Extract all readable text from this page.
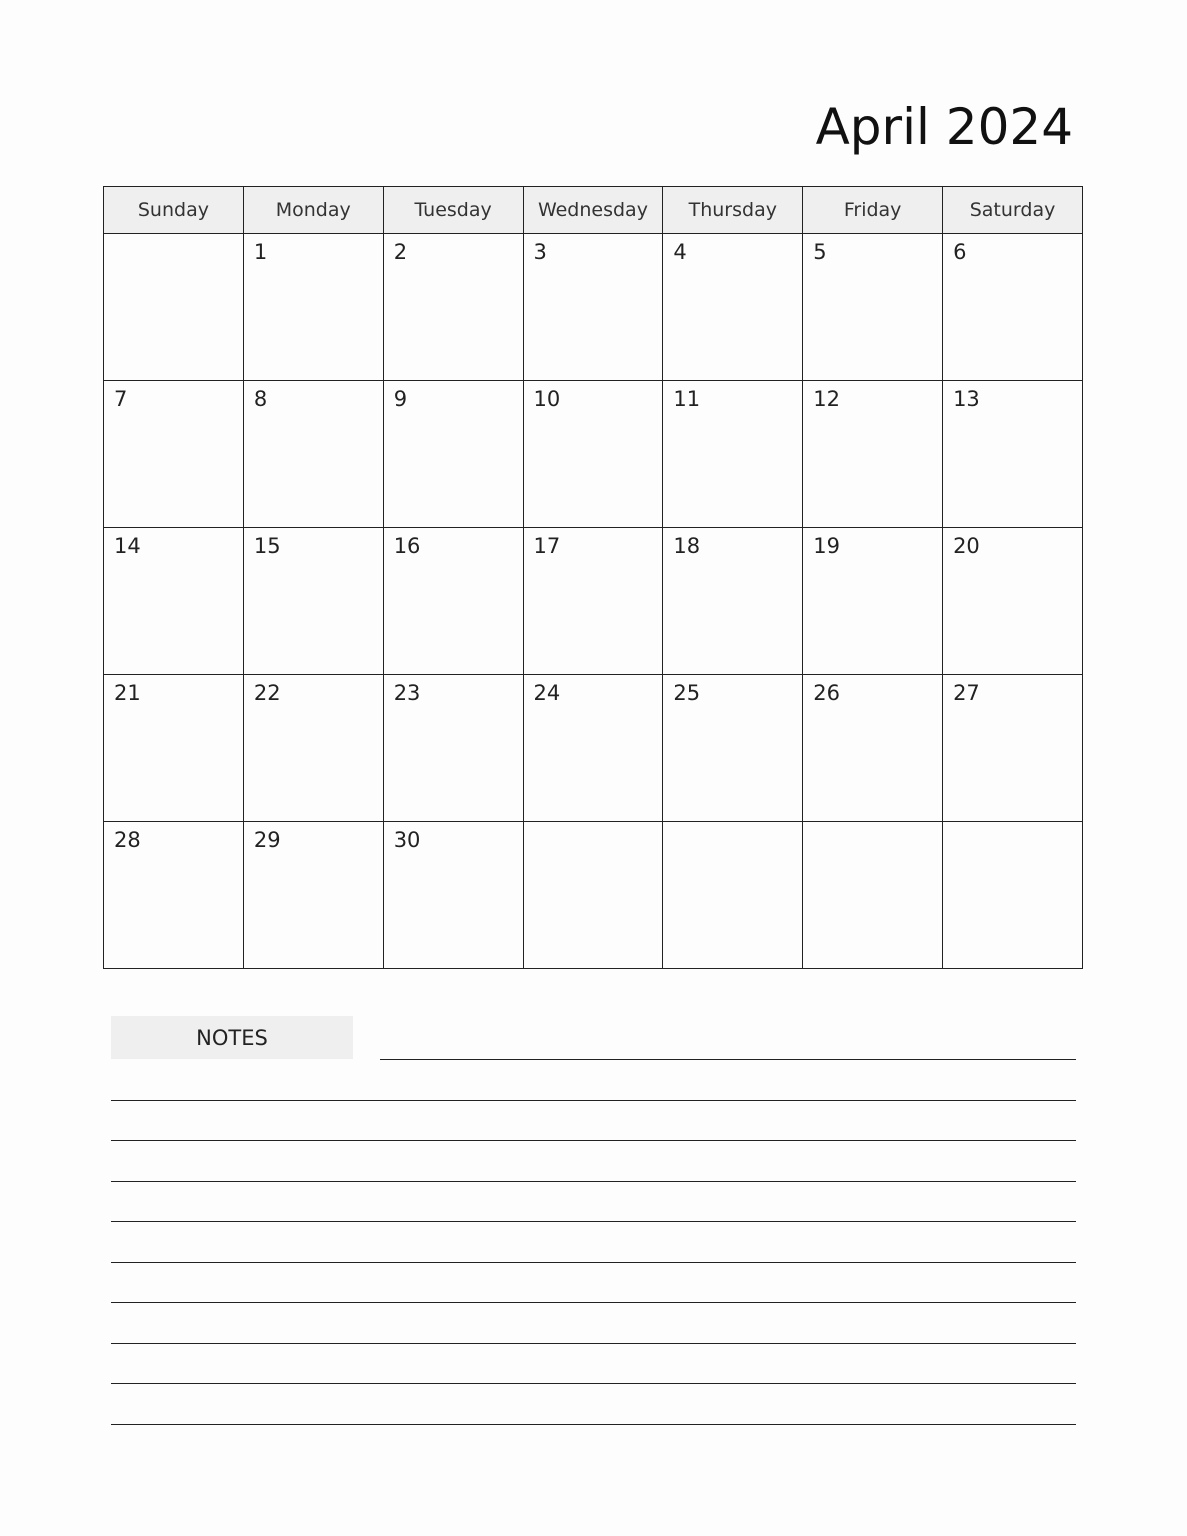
April 2024
Sunday	Monday	Tuesday	Wednesday	Thursday	Friday	Saturday

	1	2	3	4	5	6

7	8	9	10	11	12	13

14	15	16	17	18	19	20

21	22	23	24	25	26	27

28	29	30				

NOTES
